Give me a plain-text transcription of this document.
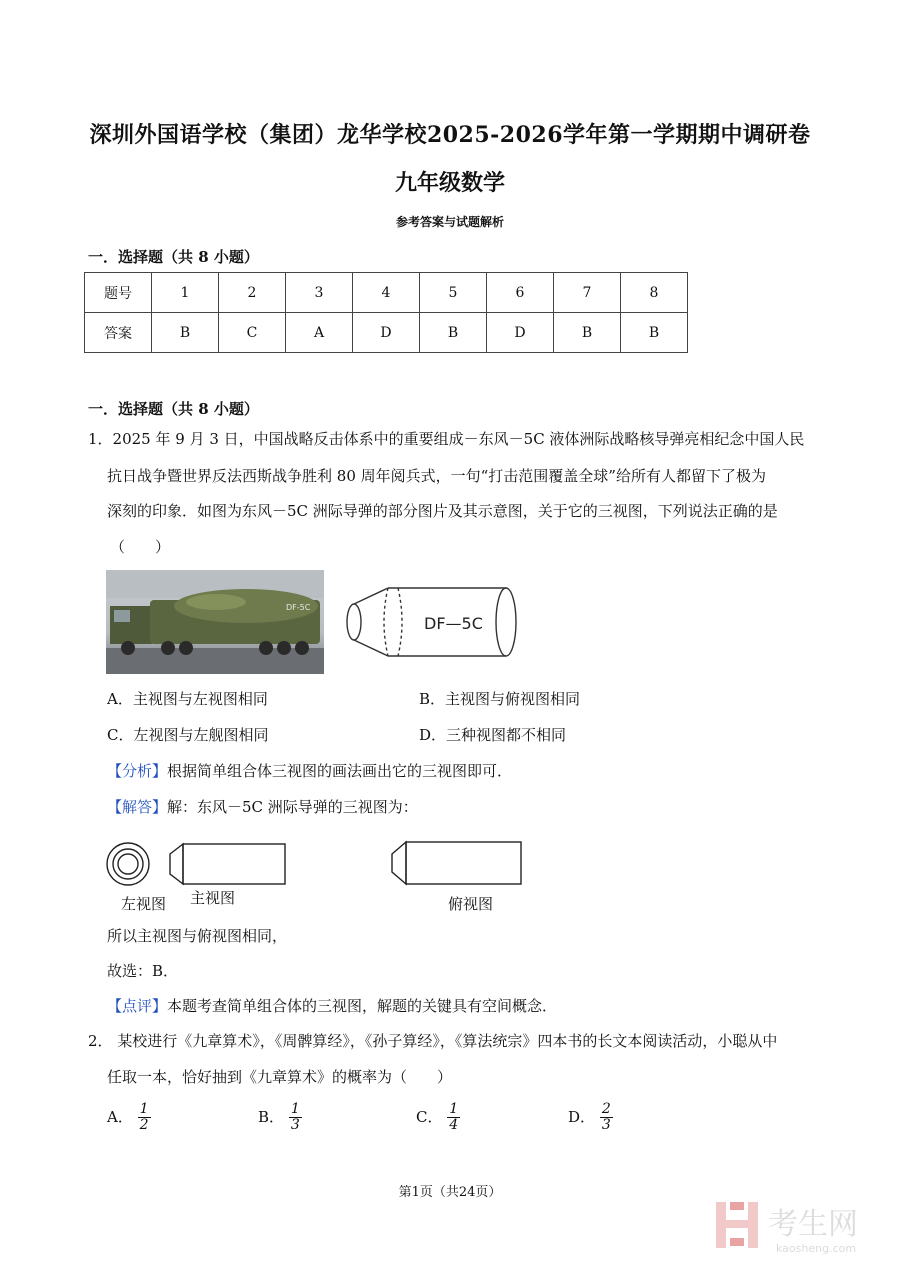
深圳外国语学校（集团）龙华学校2025-2026学年第一学期期中调研卷
九年级数学
参考答案与试题解析
一．选择题（共 8 小题）
题号	1	2	3	4	5	6	7	8
答案	B	C	A	D	B	D	B	B
一．选择题（共 8 小题）
1．2025 年 9 月 3 日，中国战略反击体系中的重要组成－东风－5C 液体洲际战略核导弹亮相纪念中国人民
抗日战争暨世界反法西斯战争胜利 80 周年阅兵式，一句“打击范围覆盖全球”给所有人都留下了极为
深刻的印象．如图为东风－5C 洲际导弹的部分图片及其示意图，关于它的三视图，下列说法正确的是
（　　）
DF-5C
DF—5C
A．主视图与左视图相同	B．主视图与俯视图相同
C．左视图与左舰图相同	D．三种视图都不相同
【分析】根据简单组合体三视图的画法画出它的三视图即可．
【解答】解：东风－5C 洲际导弹的三视图为：
左视图 主视图	俯视图
所以主视图与俯视图相同，
故选：B．
【点评】本题考查简单组合体的三视图，解题的关键具有空间概念．
2． 某校进行《九章算术》，《周髀算经》，《孙子算经》，《算法统宗》四本书的长文本阅读活动，小聪从中
任取一本，恰好抽到《九章算术》的概率为（　　）
A． $\frac{1}{2}$	B． $\frac{1}{3}$	C． $\frac{1}{4}$	D． $\frac{2}{3}$
第1页（共24页）
考生网
kaosheng.com
